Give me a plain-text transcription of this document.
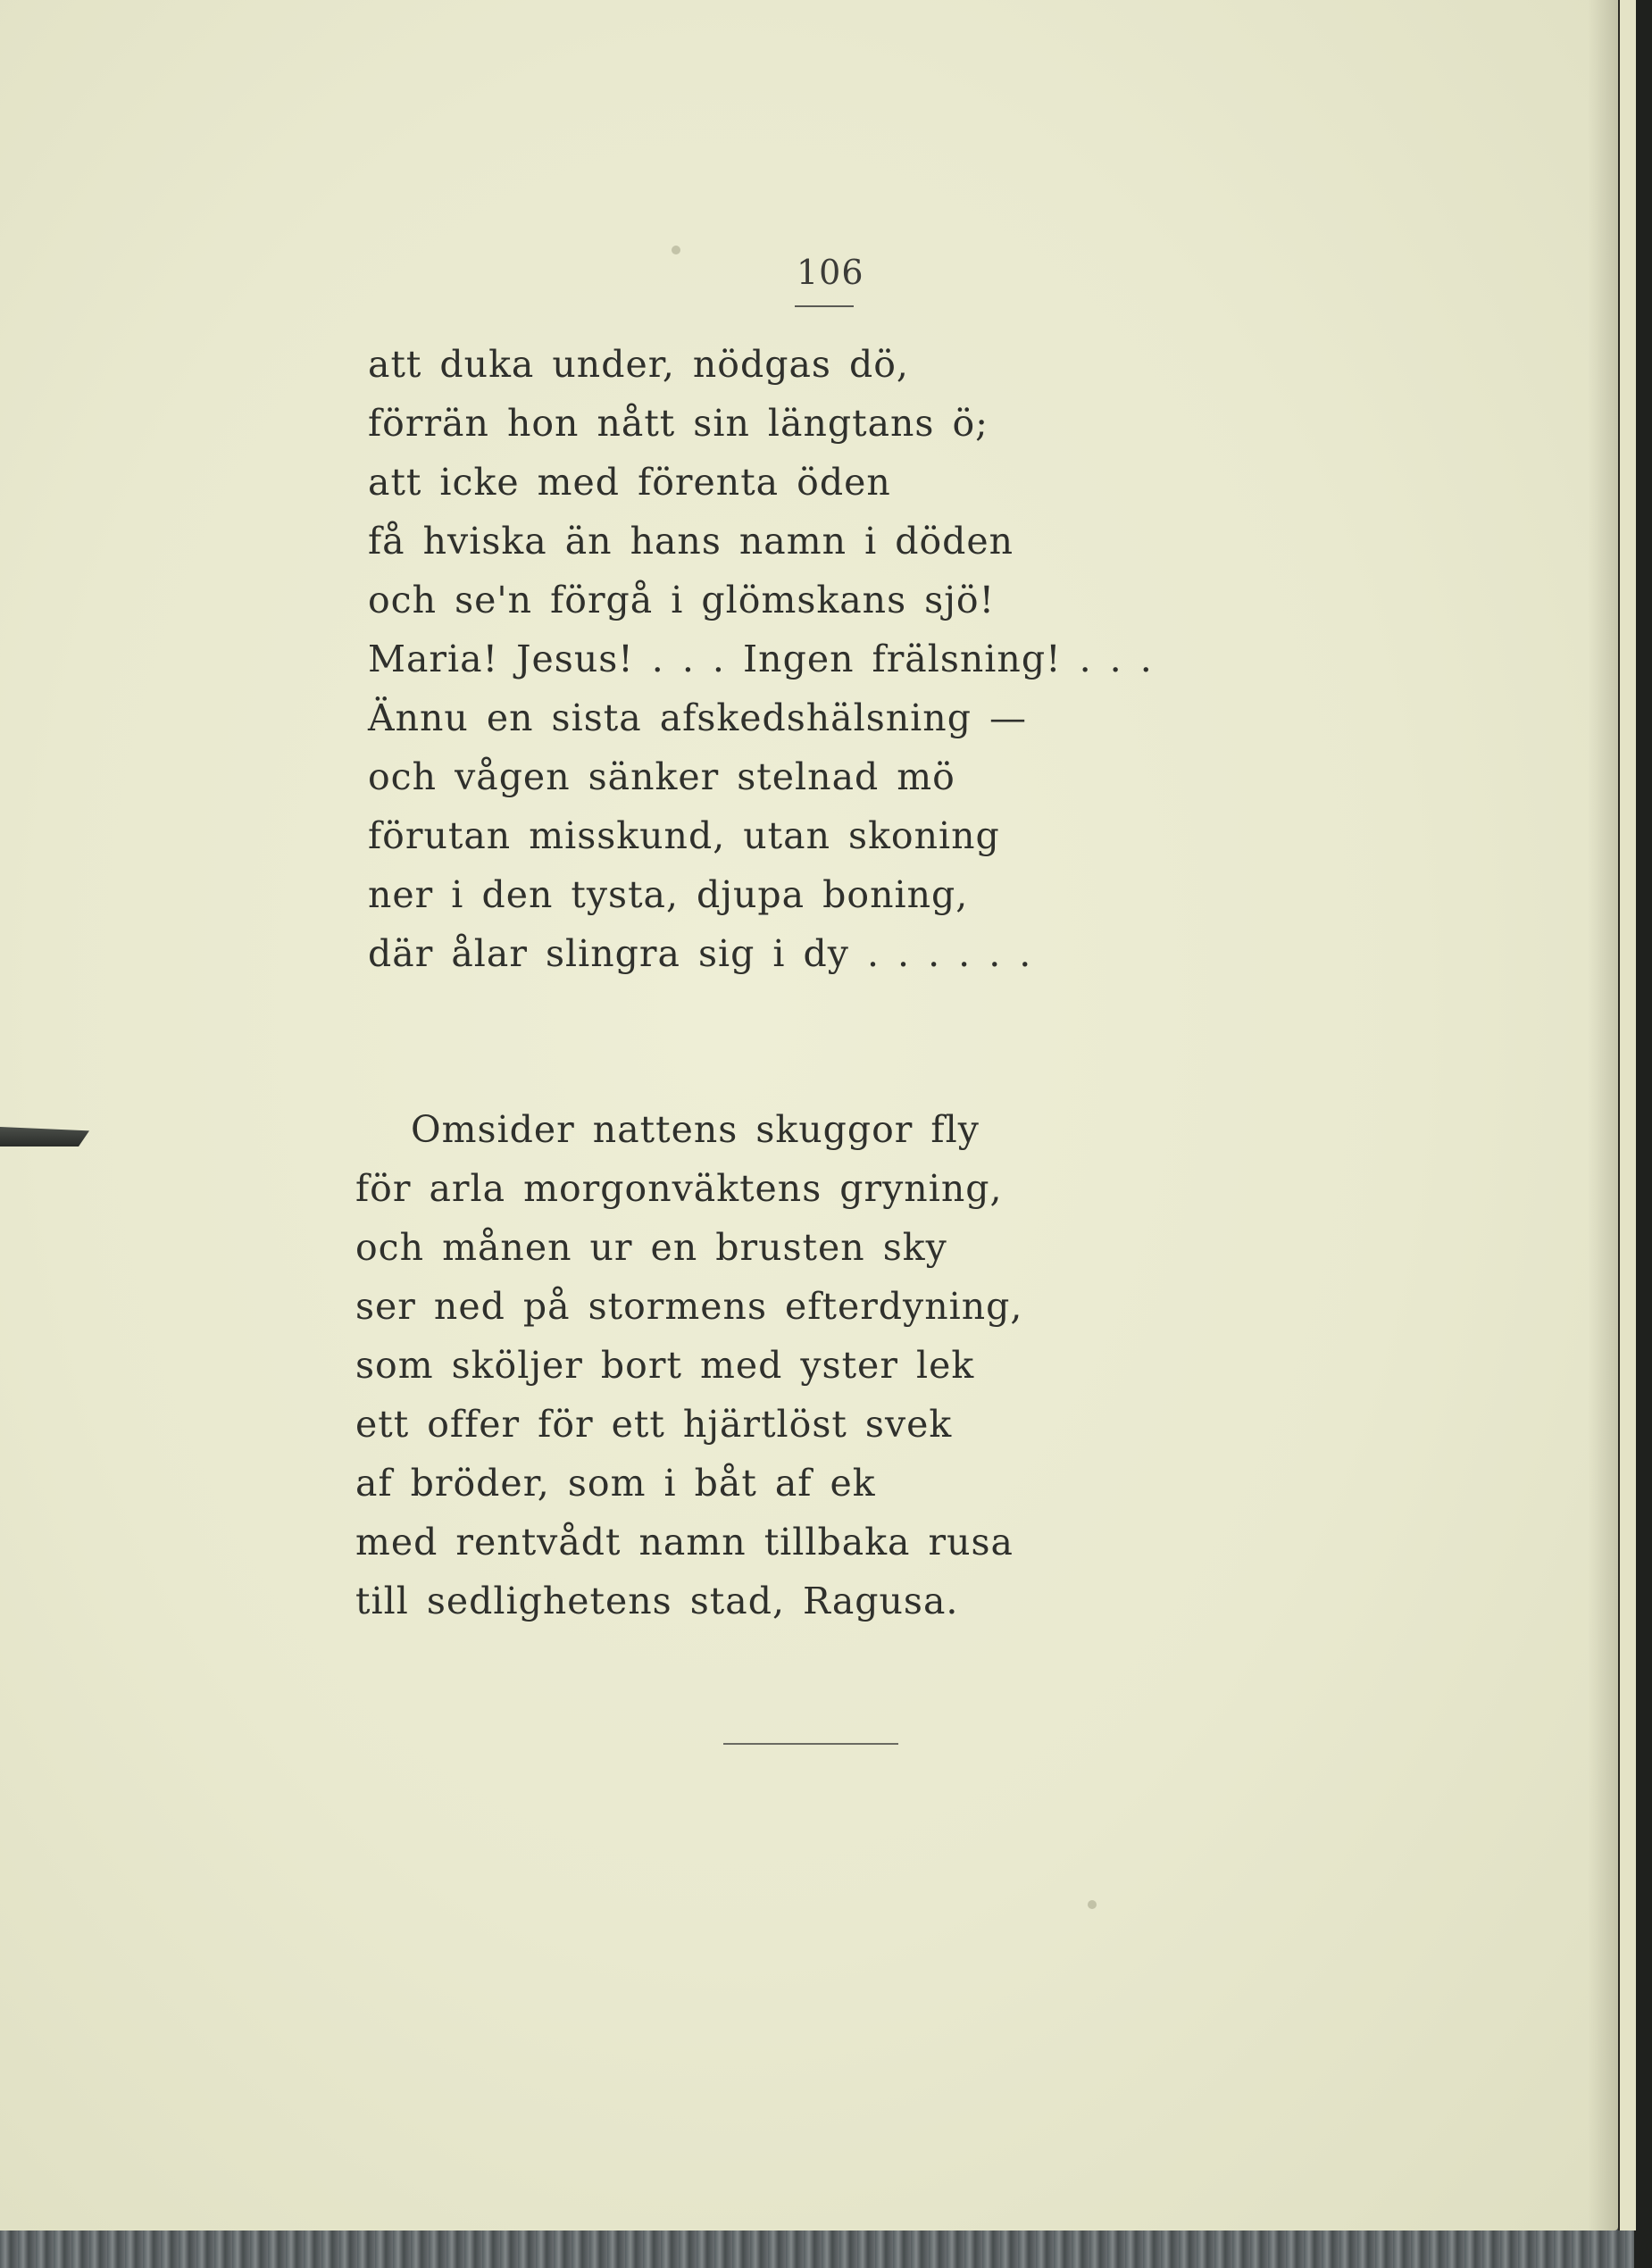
106
att duka under, nödgas dö,
förrän hon nått sin längtans ö;
att icke med förenta öden
få hviska än hans namn i döden
och se'n förgå i glömskans sjö!
Maria! Jesus! . . . Ingen frälsning! . . .
Ännu en sista afskedshälsning —
och vågen sänker stelnad mö
förutan misskund, utan skoning
ner i den tysta, djupa boning,
där ålar slingra sig i dy . . . . . .
Omsider nattens skuggor fly
för arla morgonväktens gryning,
och månen ur en brusten sky
ser ned på stormens efterdyning,
som sköljer bort med yster lek
ett offer för ett hjärtlöst svek
af bröder, som i båt af ek
med rentvådt namn tillbaka rusa
till sedlighetens stad, Ragusa.
